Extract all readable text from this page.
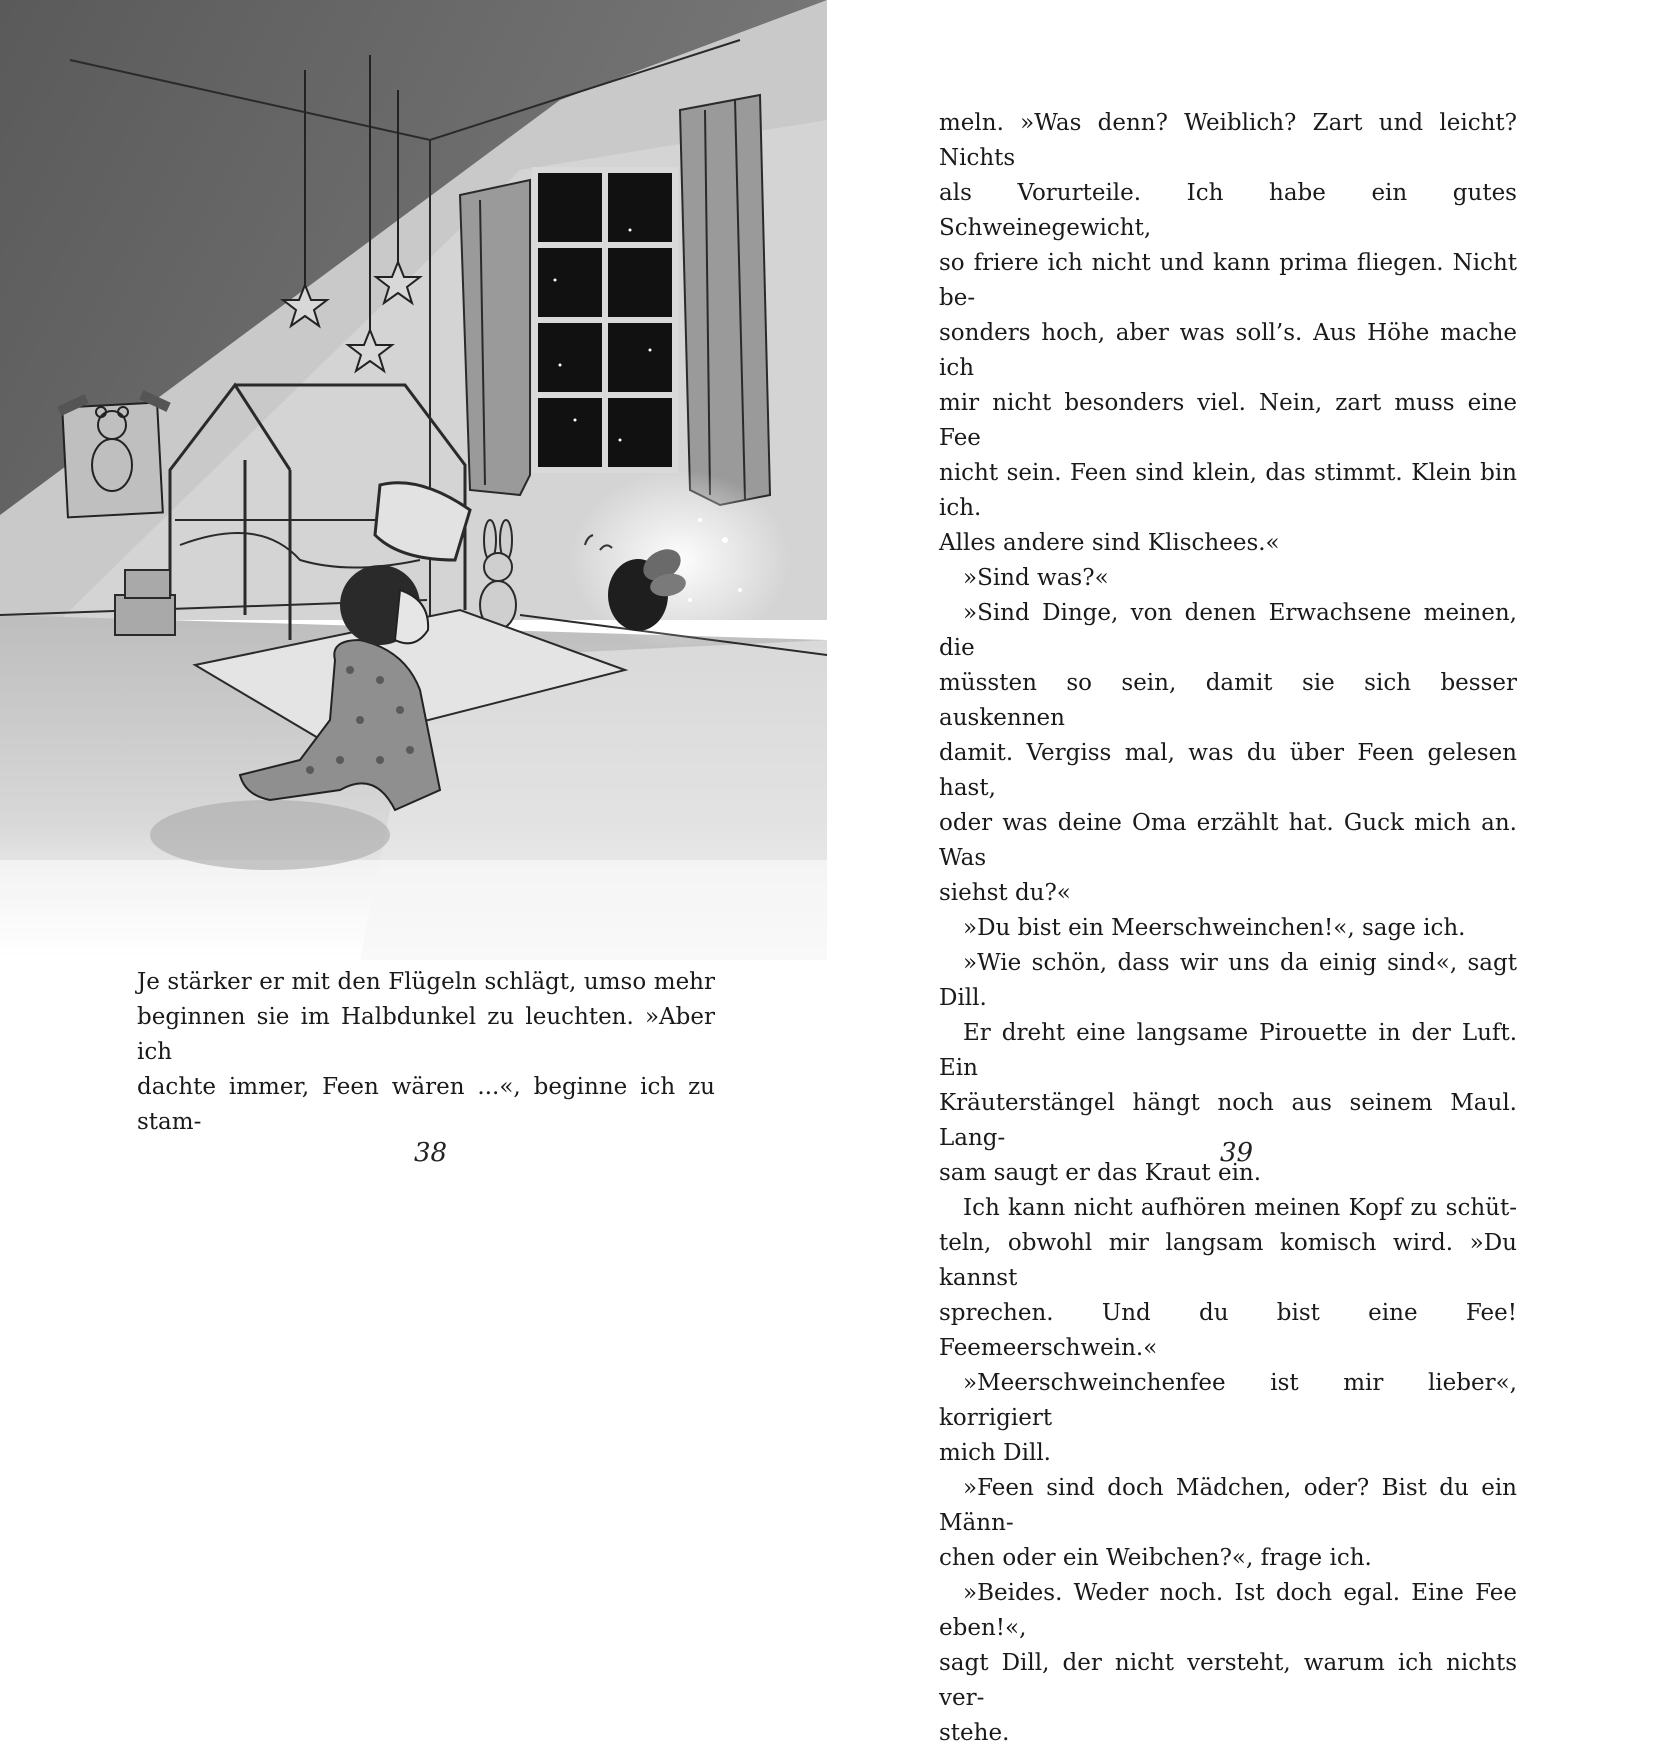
Je stärker er mit den Flügeln schlägt, umso mehr

beginnen sie im Halbdunkel zu leuchten. »Aber ich

dachte immer, Feen wären ...«, beginne ich zu stam-

38

meln. »Was denn? Weiblich? Zart und leicht? Nichts

als Vorurteile. Ich habe ein gutes Schweinegewicht,

so friere ich nicht und kann prima fliegen. Nicht be-

sonders hoch, aber was soll’s. Aus Höhe mache ich

mir nicht besonders viel. Nein, zart muss eine Fee

nicht sein. Feen sind klein, das stimmt. Klein bin ich.

Alles andere sind Klischees.«

»Sind was?«

»Sind Dinge, von denen Erwachsene meinen, die

müssten so sein, damit sie sich besser auskennen

damit. Vergiss mal, was du über Feen gelesen hast,

oder was deine Oma erzählt hat. Guck mich an. Was

siehst du?«

»Du bist ein Meerschweinchen!«, sage ich.

»Wie schön, dass wir uns da einig sind«, sagt Dill.

Er dreht eine langsame Pirouette in der Luft. Ein

Kräuterstängel hängt noch aus seinem Maul. Lang-

sam saugt er das Kraut ein.

Ich kann nicht aufhören meinen Kopf zu schüt-

teln, obwohl mir langsam komisch wird. »Du kannst

sprechen. Und du bist eine Fee! Feemeerschwein.«

»Meerschweinchenfee ist mir lieber«, korrigiert

mich Dill.

»Feen sind doch Mädchen, oder? Bist du ein Männ-

chen oder ein Weibchen?«, frage ich.

»Beides. Weder noch. Ist doch egal. Eine Fee eben!«,

sagt Dill, der nicht versteht, warum ich nichts ver-

stehe.

39
